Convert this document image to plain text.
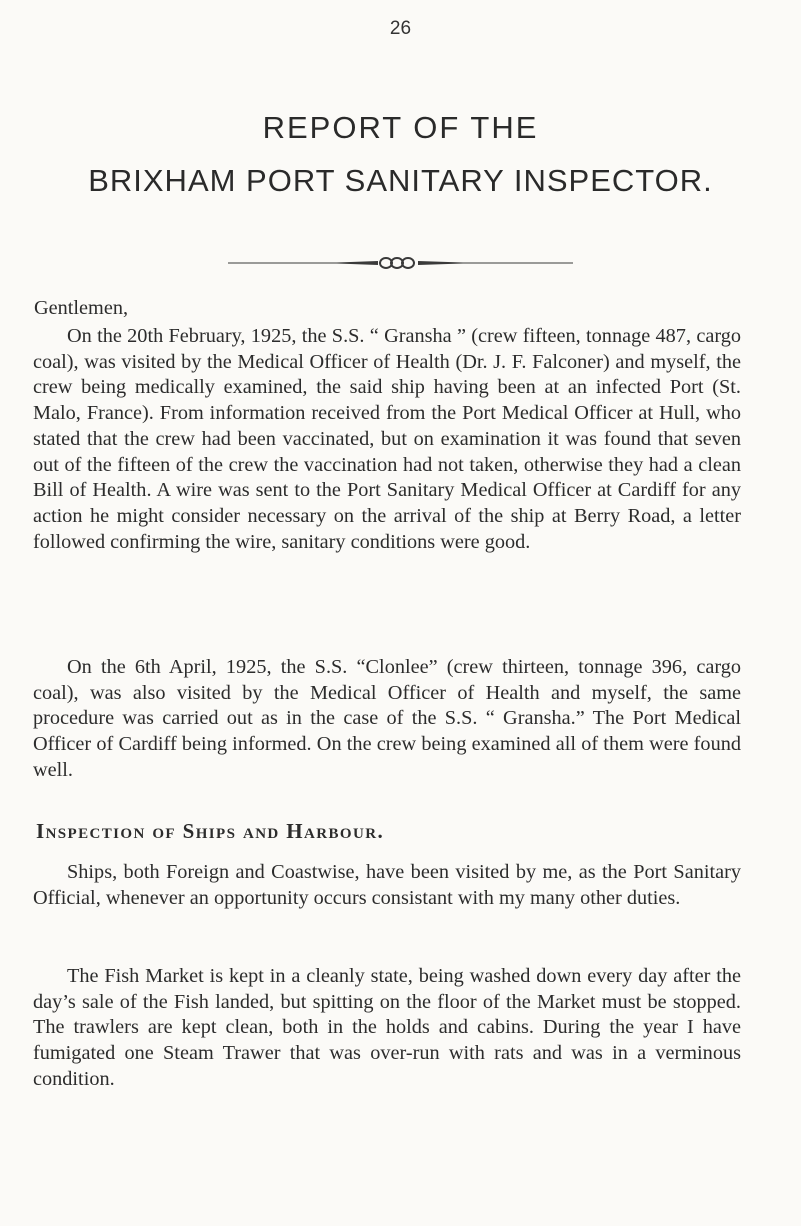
26
REPORT OF THE
BRIXHAM PORT SANITARY INSPECTOR.

Gentlemen,

On the 20th February, 1925, the S.S. “ Gransha ” (crew fifteen, tonnage 487, cargo coal), was visited by the Medical Officer of Health (Dr. J. F. Falconer) and myself, the crew being medically examined, the said ship having been at an infected Port (St. Malo, France). From information received from the Port Medical Officer at Hull, who stated that the crew had been vaccinated, but on examination it was found that seven out of the fifteen of the crew the vaccination had not taken, otherwise they had a clean Bill of Health. A wire was sent to the Port Sanitary Medical Officer at Cardiff for any action he might consider necessary on the arrival of the ship at Berry Road, a letter followed confirming the wire, sanitary conditions were good.

On the 6th April, 1925, the S.S. “Clonlee” (crew thirteen, tonnage 396, cargo coal), was also visited by the Medical Officer of Health and myself, the same procedure was carried out as in the case of the S.S. “ Gransha.” The Port Medical Officer of Cardiff being informed. On the crew being examined all of them were found well.

Inspection of Ships and Harbour.

Ships, both Foreign and Coastwise, have been visited by me, as the Port Sanitary Official, whenever an opportunity occurs consistant with my many other duties.

The Fish Market is kept in a cleanly state, being washed down every day after the day’s sale of the Fish landed, but spitting on the floor of the Market must be stopped. The trawlers are kept clean, both in the holds and cabins. During the year I have fumigated one Steam Trawer that was over-run with rats and was in a verminous condition.
